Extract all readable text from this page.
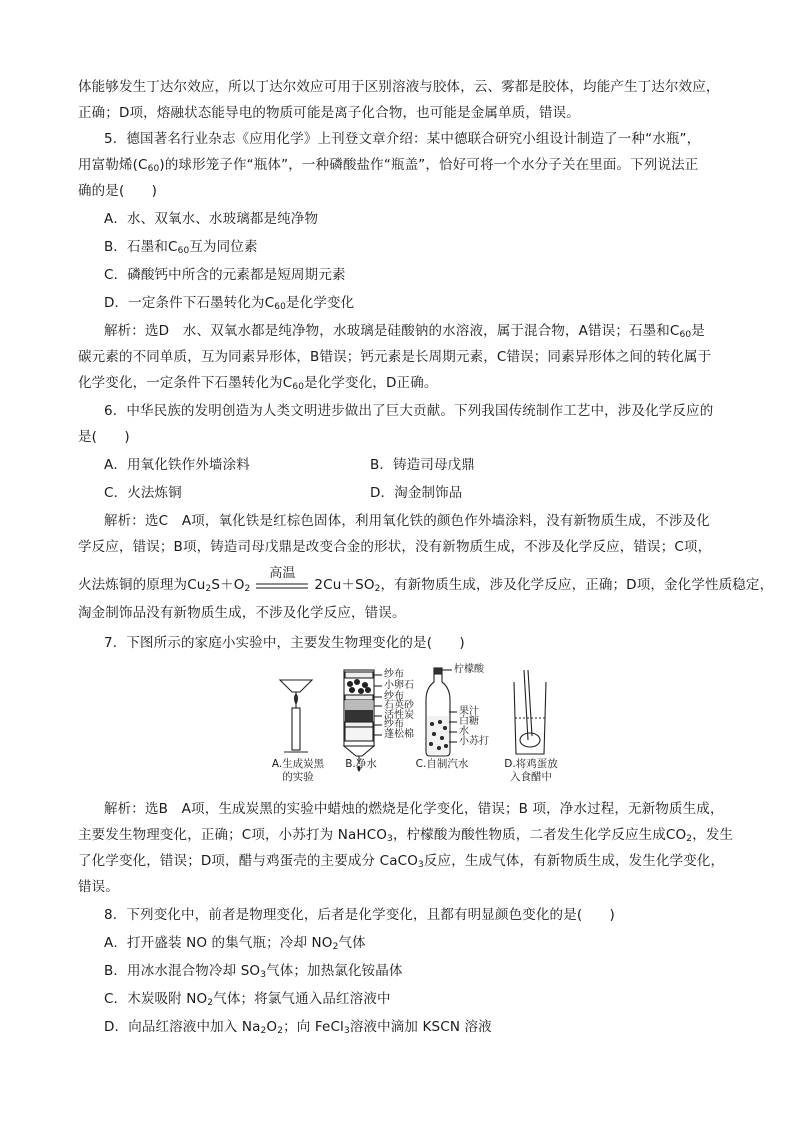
体能够发生丁达尔效应，所以丁达尔效应可用于区别溶液与胶体，云、雾都是胶体，均能产生丁达尔效应，
正确；D项，熔融状态能导电的物质可能是离子化合物，也可能是金属单质，错误。
5．德国著名行业杂志《应用化学》上刊登文章介绍：某中德联合研究小组设计制造了一种“水瓶”，
用富勒烯$(C_{60})$的球形笼子作“瓶体”，一种磷酸盐作“瓶盖”，恰好可将一个水分子关在里面。下列说法正
确的是(　　)
A．水、双氧水、水玻璃都是纯净物
B．石墨和$C_{60}$互为同位素
C．磷酸钙中所含的元素都是短周期元素
D．一定条件下石墨转化为$C_{60}$是化学变化
解析：选D　水、双氧水都是纯净物，水玻璃是硅酸钠的水溶液，属于混合物，A错误；石墨和$C_{60}$是
碳元素的不同单质，互为同素异形体，B错误；钙元素是长周期元素，C错误；同素异形体之间的转化属于
化学变化，一定条件下石墨转化为$C_{60}$是化学变化，D正确。
6．中华民族的发明创造为人类文明进步做出了巨大贡献。下列我国传统制作工艺中，涉及化学反应的
是(　　)
A．用氧化铁作外墙涂料	B．铸造司母戊鼎
C．火法炼铜	D．淘金制饰品
解析：选C　A项，氧化铁是红棕色固体，利用氧化铁的颜色作外墙涂料，没有新物质生成，不涉及化
学反应，错误；B项，铸造司母戊鼎是改变合金的形状，没有新物质生成，不涉及化学反应，错误；C项，
火法炼铜的原理为$Cu_2S+O_2$
高温
$2Cu+SO_2$，有新物质生成，涉及化学反应，正确；D项，金化学性质稳定，
淘金制饰品没有新物质生成，不涉及化学反应，错误。
7．下图所示的家庭小实验中，主要发生物理变化的是(　　)
纱布
小卵石
纱布
石英砂
活性炭
纱布
蓬松棉
柠檬酸
果汁
白糖
水
小苏打
A.生成炭黑
的实验
B.净水	C.自制汽水	D.将鸡蛋放
入食醋中
解析：选B　A项，生成炭黑的实验中蜡烛的燃烧是化学变化，错误；B 项，净水过程，无新物质生成，
主要发生物理变化，正确；C项，小苏打为 NaHCO$_3$，柠檬酸为酸性物质，二者发生化学反应生成$CO_2$，发生
了化学变化，错误；D项，醋与鸡蛋壳的主要成分 CaCO$_3$反应，生成气体，有新物质生成，发生化学变化，
错误。
8．下列变化中，前者是物理变化，后者是化学变化，且都有明显颜色变化的是(　　)
A．打开盛装 NO 的集气瓶；冷却 $NO_2$气体
B．用冰水混合物冷却 $SO_3$气体；加热氯化铵晶体
C．木炭吸附 $NO_2$气体；将氯气通入品红溶液中
D．向品红溶液中加入 $Na_2O_2$；向 FeCl$_3$溶液中滴加 KSCN 溶液
